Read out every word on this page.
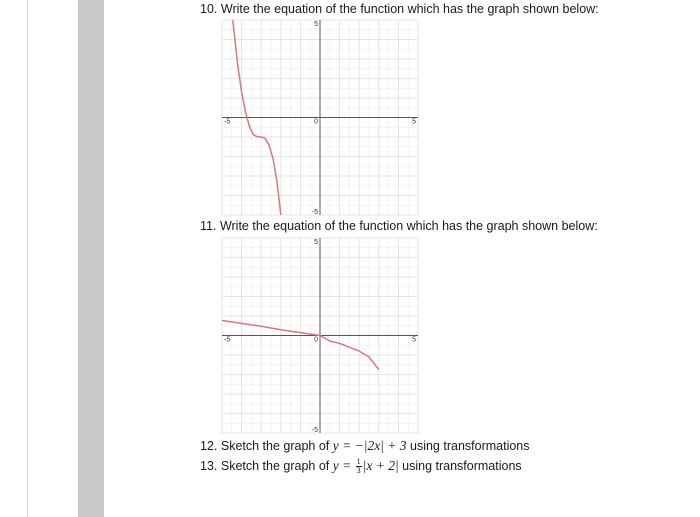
10. Write the equation of the function which has the graph shown below:
-5	5
0
5
-5
11. Write the equation of the function which has the graph shown below:
-5	5
0
5
-5
12. Sketch the graph of y = −|2x| + 3 using transformations
13. Sketch the graph of $y = \frac{1}{3} |x + 2|$ using transformations
